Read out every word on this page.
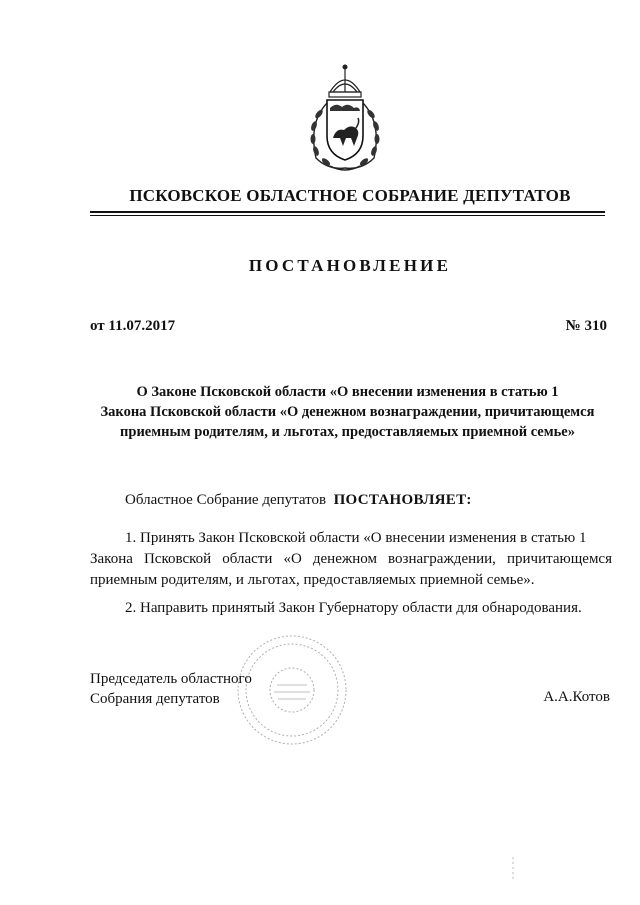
ПСКОВСКОЕ ОБЛАСТНОЕ СОБРАНИЕ ДЕПУТАТОВ
ПОСТАНОВЛЕНИЕ
от 11.07.2017	№ 310
О Законе Псковской области «О внесении изменения в статью 1
Закона Псковской области «О денежном вознаграждении, причитающемся
приемным родителям, и льготах, предоставляемых приемной семье»
Областное Собрание депутатов ПОСТАНОВЛЯЕТ:
1. Принять Закон Псковской области «О внесении изменения в статью 1
Закона Псковской области «О денежном вознаграждении, причитающемся приемным родителям, и льготах, предоставляемых приемной семье».
2. Направить принятый Закон Губернатору области для обнародования.
Председатель областного
Собрания депутатов	А.А.Котов
